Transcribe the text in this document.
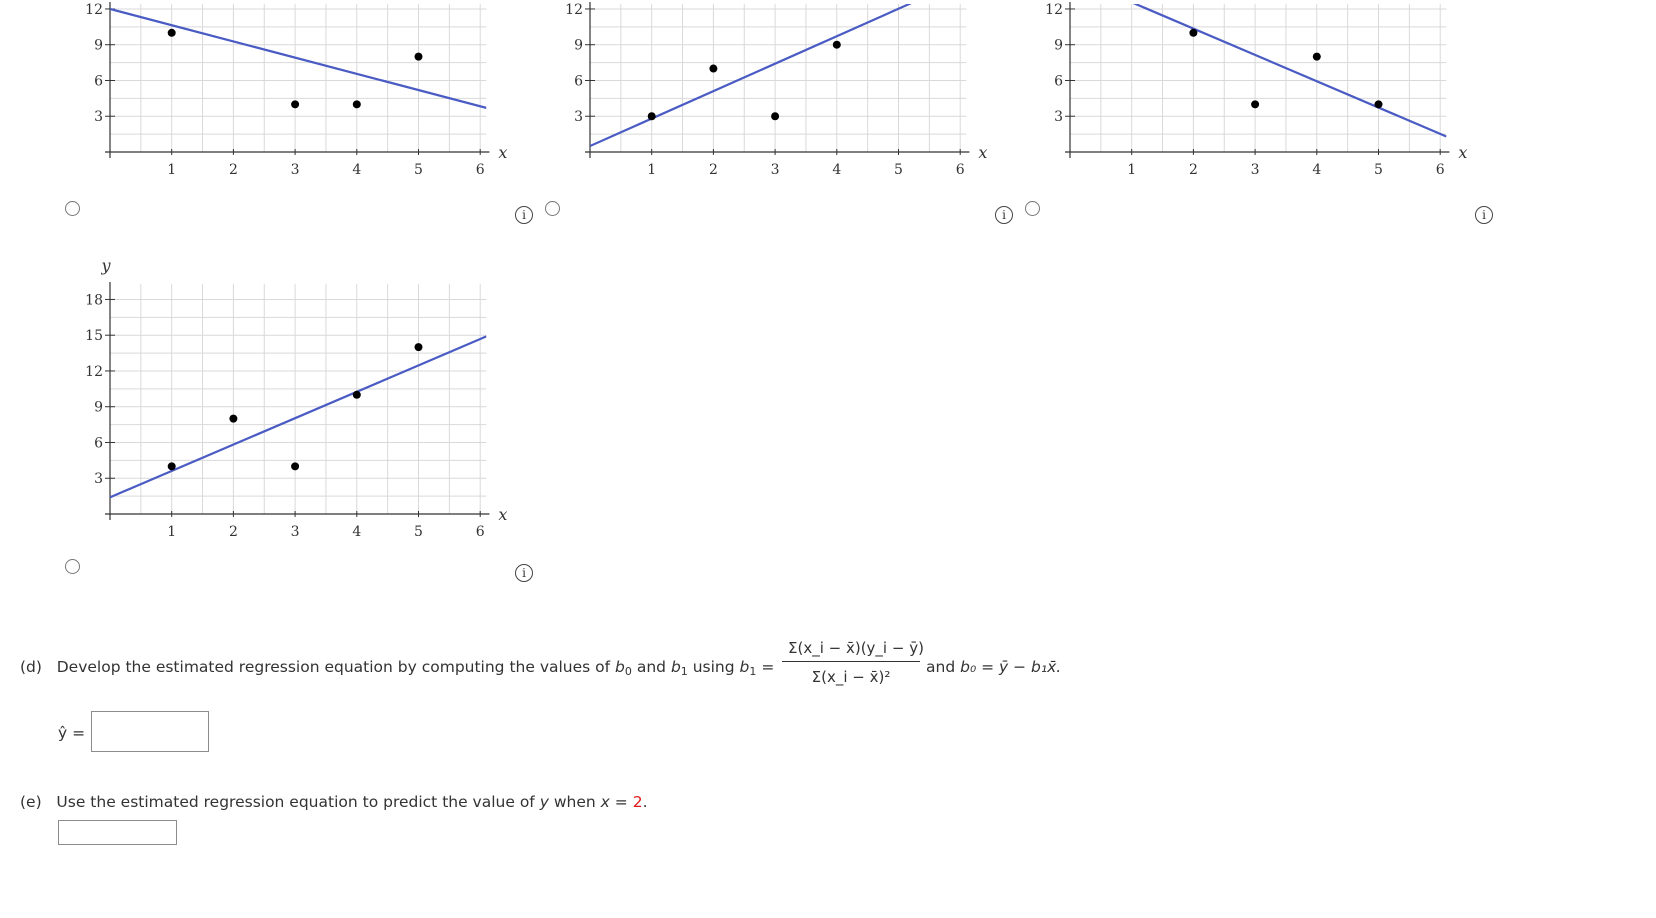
1	2	3	4	5	6
3
6
9
12
x
1	2	3	4	5	6
3
6
9
12
x
1	2	3	4	5	6
3
6
9
12
x
1	2	3	4	5	6
3
6
9
12
15
18
x
y
i	i	i
i
(d) Develop the estimated regression equation by computing the values of $b_0$ and $b_1$ using $b_1 = \frac{\Sigma(x\_i - x̄)(y\_i - ȳ)}{\text{Σ(x\_i − x̄)²}}$ and b₀ = ȳ − b₁x̄.
ŷ =
(e) Use the estimated regression equation to predict the value of y when x = 2.
